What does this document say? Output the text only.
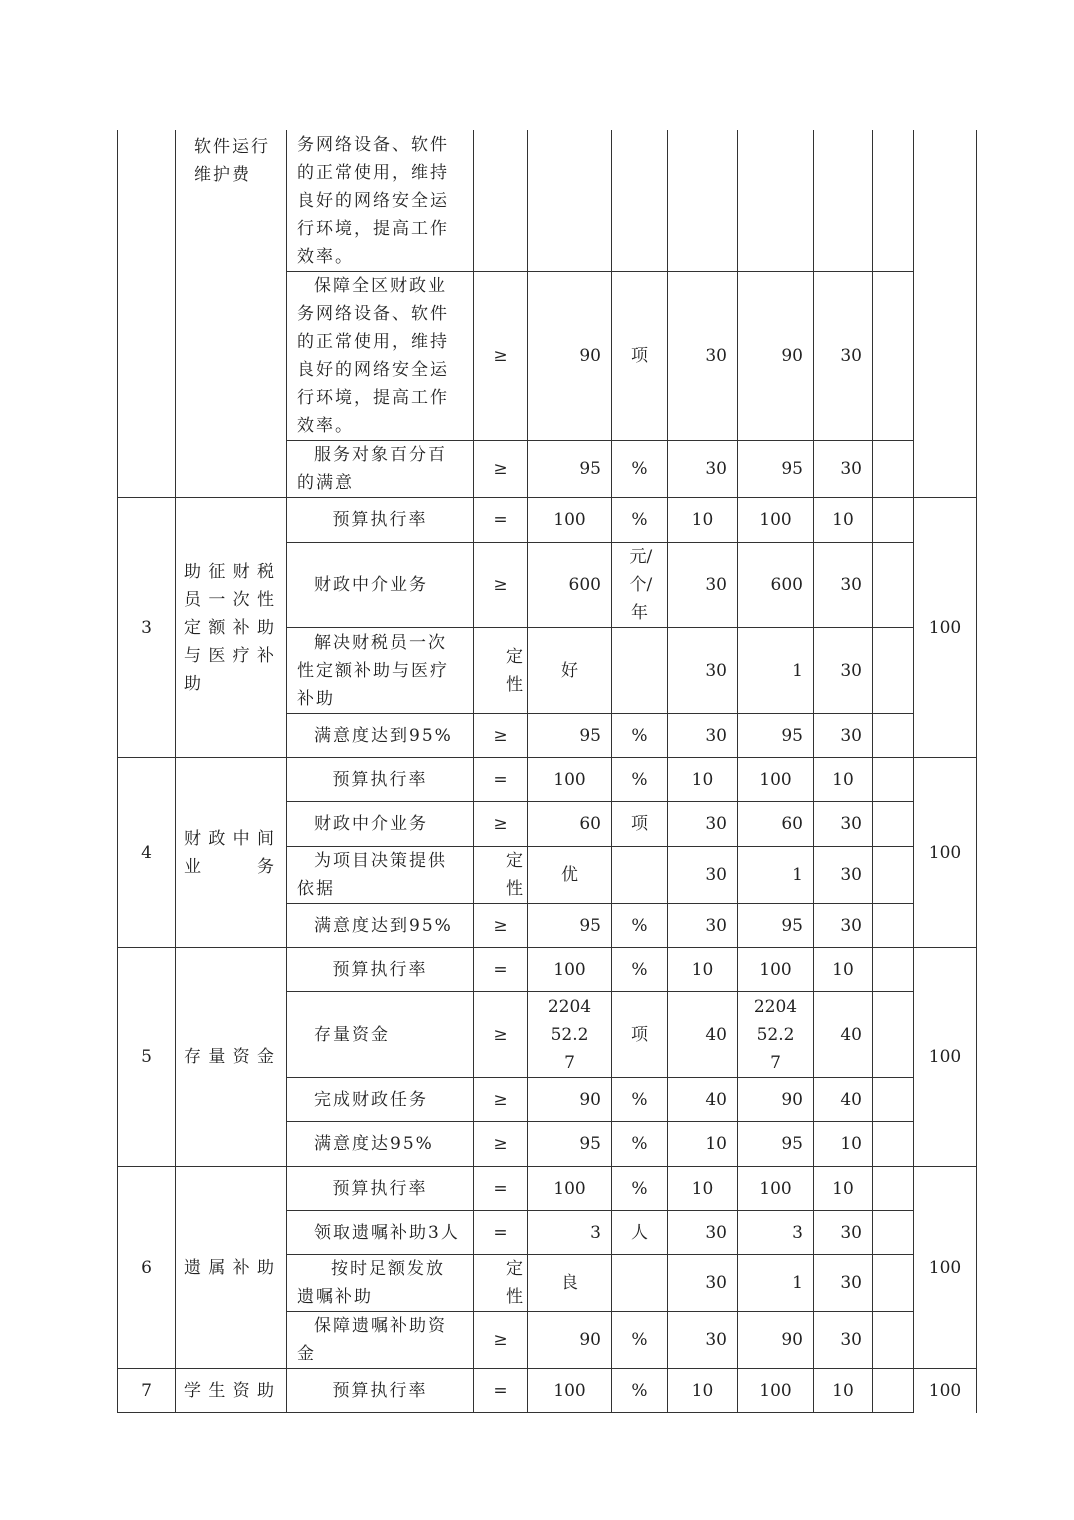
	软件运行维护费	务网络设备、软件的正常使用，维持良好的网络安全运行环境，提高工作效率。								
		保障全区财政业务网络设备、软件的正常使用，维持良好的网络安全运行环境，提高工作效率。	≥	90	项	30	90	30		
		服务对象百分百的满意	≥	95	%	30	95	30		
3	助征财税员一次性定额补助与医疗补助	预算执行率	=	100	%	10	100	10		100
		财政中介业务	≥	600	元/个/年	30	600	30		
		解决财税员一次性定额补助与医疗补助	定性	好		30	1	30		
		满意度达到95%	≥	95	%	30	95	30		
4	财政中间业务	预算执行率	=	100	%	10	100	10		100
		财政中介业务	≥	60	项	30	60	30		
		为项目决策提供依据	定性	优		30	1	30		
		满意度达到95%	≥	95	%	30	95	30		
5	存量资金	预算执行率	=	100	%	10	100	10		100
		存量资金	≥	220452.27	项	40	220452.27	40		
		完成财政任务	≥	90	%	40	90	40		
		满意度达95%	≥	95	%	10	95	10		
6	遗属补助	预算执行率	=	100	%	10	100	10		100
		领取遗嘱补助3人	=	3	人	30	3	30		
		按时足额发放遗嘱补助	定性	良		30	1	30		
		保障遗嘱补助资金	≥	90	%	30	90	30		
7	学生资助	预算执行率	=	100	%	10	100	10		100
